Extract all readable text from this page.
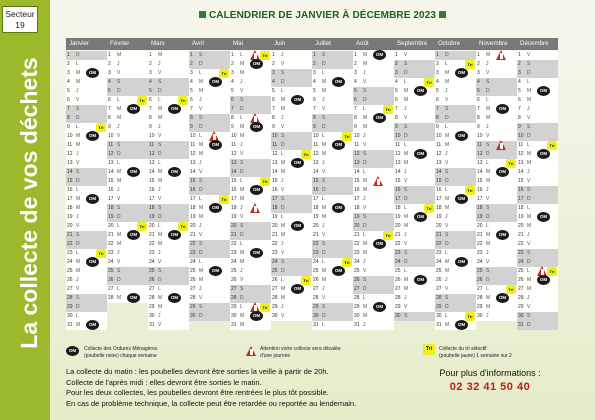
Secteur
19
La collecte de vos déchets
CALENDRIER DE JANVIER À DÉCEMBRE 2023
Janvier
1 D
2 L
3 M	OM
4 M
5 J
6 V
7 S
8 D
9 L	Tri
10 M	OM
11 M
12 J
13 V
14 S
15 D
16 L
17 M	OM
18 M
19 J
20 V
21 S
22 D
23 L	Tri
24 M	OM
25 M
26 J
27 V
28 S
29 D
30 L
31 M	OM
Février
1 M
2 J
3 V
4 S
5 D
6 L	Tri
7 M	OM
8 M
9 J
10 V
11 S
12 D
13 L
14 M	OM
15 M
16 J
17 V
18 S
19 D
20 L	Tri
21 M	OM
22 M
23 J
24 V
25 S
26 D
27 L
28 M	OM
Mars
1 M
2 J
3 V
4 S
5 D
6 L	Tri
7 M	OM
8 M
9 J
10 V
11 S
12 D
13 L
14 M	OM
15 M
16 J
17 V
18 S
19 D
20 L	Tri
21 M	OM
22 M
23 J
24 V
25 S
26 D
27 L
28 M	OM
29 M
30 J
31 V
Avril
1 S
2 D
3 L	Tri
4 M	OM
5 M
6 J
7 V
8 S
9 D
10 L
11 M	OM
12 M
13 J
14 V
15 S
16 D
17 L	Tri
18 M	OM
19 M
20 J
21 V
22 S
23 D
24 L
25 M	OM
26 M
27 J
28 V
29 S
30 D
Mai
1 L	Tri
2 M	OM
3 M
4 J
5 V
6 S
7 D
8 L
9 M	OM
10 M
11 J
12 V
13 S
14 D
15 L	Tri
16 M	OM
17 M
18 J
19 V
20 S
21 D
22 L
23 M	OM
24 M
25 J
26 V
27 S
28 D
29 L	Tri
30 M	OM
31 M
Juin
1 J
2 V
3 S
4 D
5 L
6 M	OM
7 M
8 J
9 V
10 S
11 D
12 L	Tri
13 M	OM
14 M
15 J
16 V
17 S
18 D
19 L
20 M	OM
21 M
22 J
23 V
24 S
25 D
26 L	Tri
27 M	OM
28 M
29 J
30 V
Juillet
1 S
2 D
3 L
4 M	OM
5 M
6 J
7 V
8 S
9 D
10 L	Tri
11 M	OM
12 M
13 J
14 V
15 S
16 D
17 L
18 M	OM
19 M
20 J
21 V
22 S
23 D
24 L	Tri
25 M	OM
26 M
27 J
28 V
29 S
30 D
31 L
Août
1 M	OM
2 M
3 J
4 V
5 S
6 D
7 L	Tri
8 M	OM
9 M
10 J
11 V
12 S
13 D
14 L
15 M
16 M
17 J
18 V
19 S
20 D
21 L	Tri
22 M	OM
23 M
24 J
25 V
26 S
27 D
28 L
29 M	OM
30 M
31 J
Septembre
1 V
2 S
3 D
4 L	Tri
5 M	OM
6 M
7 J
8 V
9 S
10 D
11 L
12 M	OM
13 M
14 J
15 V
16 S
17 D
18 L	Tri
19 M	OM
20 M
21 J
22 V
23 S
24 D
25 L
26 M	OM
27 M
28 J
29 V
30 S
Octobre
1 D
2 L	Tri
3 M	OM
4 M
5 J
6 V
7 S
8 D
9 L
10 M	OM
11 M
12 J
13 V
14 S
15 D
16 L	Tri
17 M	OM
18 M
19 J
20 V
21 S
22 D
23 L
24 M	OM
25 M
26 J
27 V
28 S
29 D
30 L	Tri
31 M	OM
Novembre
1 M
2 J
3 V
4 S
5 D
6 L
7 M	OM
8 M
9 J
10 V
11 S
12 D
13 L	Tri
14 M	OM
15 M
16 J
17 V
18 S
19 D
20 L
21 M	OM
22 M
23 J
24 V
25 S
26 D
27 L	Tri
28 M	OM
29 M
30 J
Décembre
1 V
2 S
3 D
4 L
5 M	OM
6 M
7 J
8 V
9 S
10 D
11 L	Tri
12 M	OM
13 M
14 J
15 V
16 S
17 D
18 L
19 M	OM
20 M
21 J
22 V
23 S
24 D
25 L	Tri
26 M	OM
27 M
28 J
29 V
30 S
31 D
OM	Collecte des Ordures Ménagères
(poubelle noire) chaque semaine
Attention votre collecte sera décalée
d'une journée
Tri	Collecte du tri sélectif
(poubelle jaune) 1 semaine sur 2
La collecte du matin : les poubelles devront être sorties la veille à partir de 20h.
Collecte de l'après midi : elles devront être sorties le matin.
Pour les deux collectes, les poubelles devront être rentrées le plus tôt possible.
En cas de problème technique, la collecte peut être retardée ou reportée au lendemain.
Pour plus d'informations :
02 32 41 50 40
